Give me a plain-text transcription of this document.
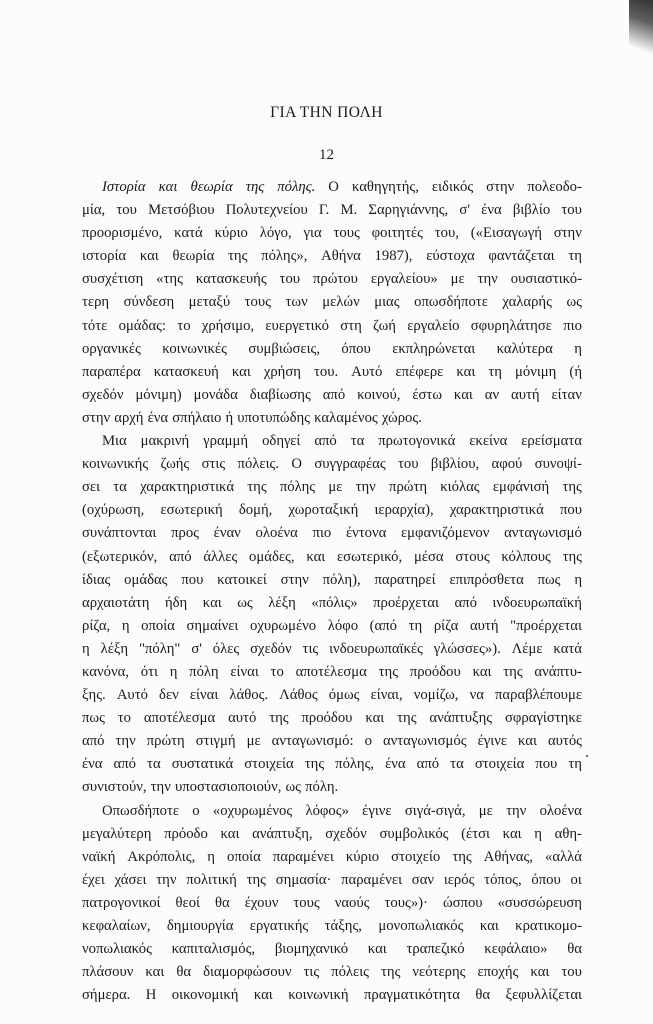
ΓΙΑ ΤΗΝ ΠΟΛΗ
12
Ιστορία και θεωρία της πόλης. Ο καθηγητής, ειδικός στην πολεοδο-
μία, του Μετσόβιου Πολυτεχνείου Γ. Μ. Σαρηγιάννης, σ' ένα βιβλίο του
προορισμένο, κατά κύριο λόγο, για τους φοιτητές του, («Εισαγωγή στην
ιστορία και θεωρία της πόλης», Αθήνα 1987), εύστοχα φαντάζεται τη
συσχέτιση «της κατασκευής του πρώτου εργαλείου» με την ουσιαστικό-
τερη σύνδεση μεταξύ τους των μελών μιας οπωσδήποτε χαλαρής ως
τότε ομάδας: το χρήσιμο, ευεργετικό στη ζωή εργαλείο σφυρηλάτησε πιο
οργανικές κοινωνικές συμβιώσεις, όπου εκπληρώνεται καλύτερα η
παραπέρα κατασκευή και χρήση του. Αυτό επέφερε και τη μόνιμη (ή
σχεδόν μόνιμη) μονάδα διαβίωσης από κοινού, έστω και αν αυτή είταν
στην αρχή ένα σπήλαιο ή υποτυπώδης καλαμένος χώρος.
Μια μακρινή γραμμή οδηγεί από τα πρωτογονικά εκείνα ερείσματα
κοινωνικής ζωής στις πόλεις. Ο συγγραφέας του βιβλίου, αφού συνοψί-
σει τα χαρακτηριστικά της πόλης με την πρώτη κιόλας εμφάνισή της
(οχύρωση, εσωτερική δομή, χωροταξική ιεραρχία), χαρακτηριστικά που
συνάπτονται προς έναν ολοένα πιο έντονα εμφανιζόμενον ανταγωνισμό
(εξωτερικόν, από άλλες ομάδες, και εσωτερικό, μέσα στους κόλπους της
ίδιας ομάδας που κατοικεί στην πόλη), παρατηρεί επιπρόσθετα πως η
αρχαιοτάτη ήδη και ως λέξη «πόλις» προέρχεται από ινδοευρωπαϊκή
ρίζα, η οποία σημαίνει οχυρωμένο λόφο (από τη ρίζα αυτή "προέρχεται
η λέξη "πόλη" σ' όλες σχεδόν τις ινδοευρωπαϊκές γλώσσες»). Λέμε κατά
κανόνα, ότι η πόλη είναι το αποτέλεσμα της προόδου και της ανάπτυ-
ξης. Αυτό δεν είναι λάθος. Λάθος όμως είναι, νομίζω, να παραβλέπουμε
πως το αποτέλεσμα αυτό της προόδου και της ανάπτυξης σφραγίστηκε
από την πρώτη στιγμή με ανταγωνισμό: ο ανταγωνισμός έγινε και αυτός
ένα από τα συστατικά στοιχεία της πόλης, ένα από τα στοιχεία που τη
συνιστούν, την υποστασιοποιούν, ως πόλη.
Οπωσδήποτε ο «οχυρωμένος λόφος» έγινε σιγά-σιγά, με την ολοένα
μεγαλύτερη πρόοδο και ανάπτυξη, σχεδόν συμβολικός (έτσι και η αθη-
ναϊκή Ακρόπολις, η οποία παραμένει κύριο στοιχείο της Αθήνας, «αλλά
έχει χάσει την πολιτική της σημασία· παραμένει σαν ιερός τόπος, όπου οι
πατρογονικοί θεοί θα έχουν τους ναούς τους»)· ώσπου «συσσώρευση
κεφαλαίων, δημιουργία εργατικής τάξης, μονοπωλιακός και κρατικομο-
νοπωλιακός καπιταλισμός, βιομηχανικό και τραπεζικό κεφάλαιο» θα
πλάσουν και θα διαμορφώσουν τις πόλεις της νεότερης εποχής και του
σήμερα. Η οικονομική και κοινωνική πραγματικότητα θα ξεφυλλίζεται
